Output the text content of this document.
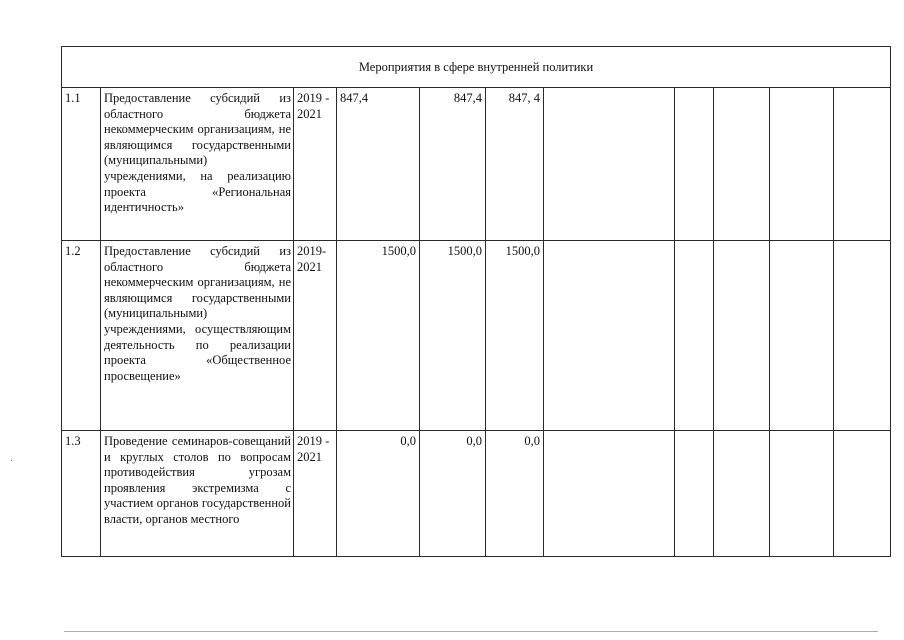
Мероприятия в сфере внутренней политики										
1.1	Предоставление субсидий из областного бюджета некоммерческим организациям, не являющимся государственными (муниципальными) учреждениями, на реализацию проекта «Региональная идентичность»	2019 - 2021	847,4	847,4	847, 4					
1.2	Предоставление субсидий из областного бюджета некоммерческим организациям, не являющимся государственными (муниципальными) учреждениями, осуществляющим деятельность по реализации проекта «Общественное просвещение»	2019- 2021	1500,0	1500,0	1500,0					
1.3	Проведение семинаров-совещаний и круглых столов по вопросам противодействия угрозам проявления экстремизма с участием органов государственной власти, органов местного	2019 - 2021	0,0	0,0	0,0					
